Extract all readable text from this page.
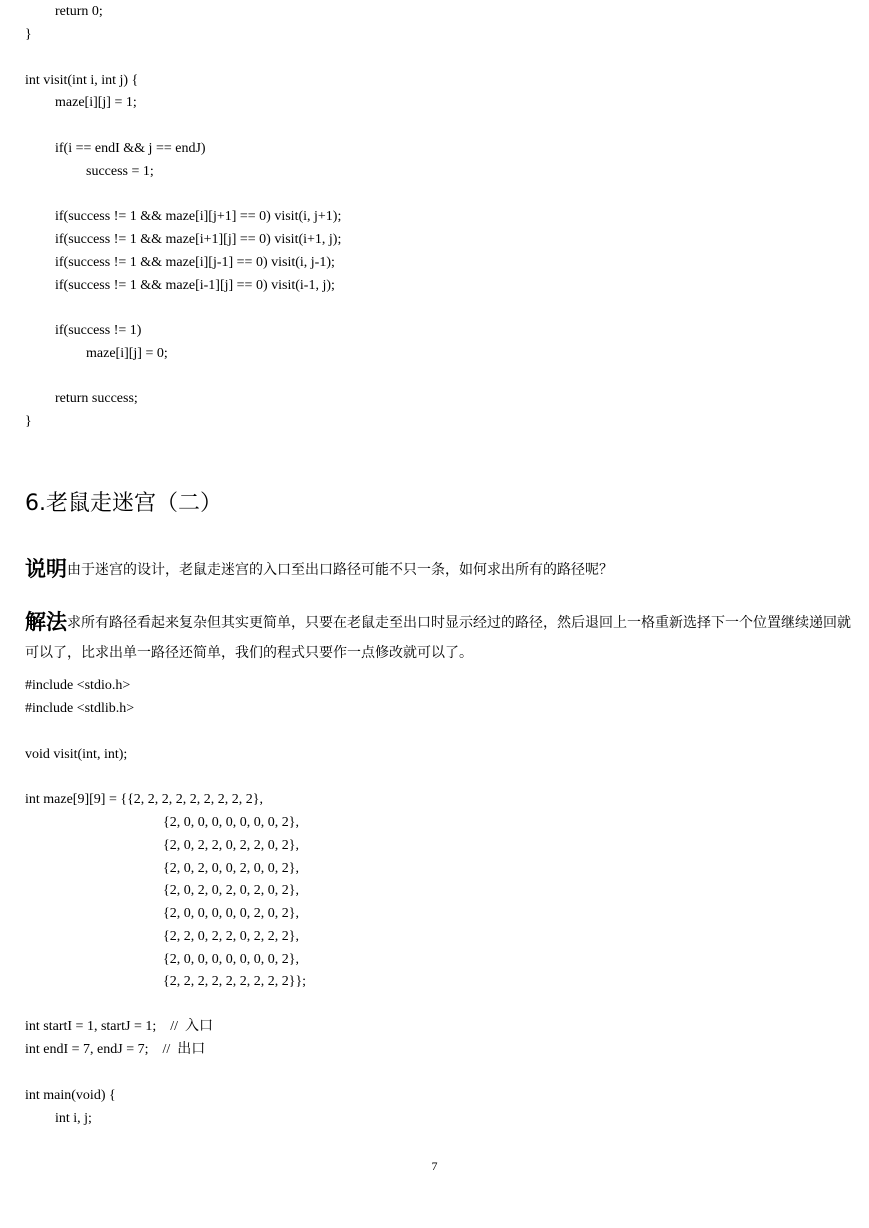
return 0;
}
int visit(int i, int j) {
maze[i][j] = 1;
if(i == endI && j == endJ)
success = 1;
if(success != 1 && maze[i][j+1] == 0) visit(i, j+1);
if(success != 1 && maze[i+1][j] == 0) visit(i+1, j);
if(success != 1 && maze[i][j-1] == 0) visit(i, j-1);
if(success != 1 && maze[i-1][j] == 0) visit(i-1, j);
if(success != 1)
maze[i][j] = 0;
return success;
}
6.老鼠走迷宫（二）
说明由于迷宫的设计，老鼠走迷宫的入口至出口路径可能不只一条，如何求出所有的路径呢？
解法求所有路径看起来复杂但其实更简单，只要在老鼠走至出口时显示经过的路径，然后退回上一格重新选择下一个位置继续递回就可以了，比求出单一路径还简单，我们的程式只要作一点修改就可以了。
#include <stdio.h>
#include <stdlib.h>
void visit(int, int);
int maze[9][9] = {{2, 2, 2, 2, 2, 2, 2, 2, 2},
{2, 0, 0, 0, 0, 0, 0, 0, 2},
{2, 0, 2, 2, 0, 2, 2, 0, 2},
{2, 0, 2, 0, 0, 2, 0, 0, 2},
{2, 0, 2, 0, 2, 0, 2, 0, 2},
{2, 0, 0, 0, 0, 0, 2, 0, 2},
{2, 2, 0, 2, 2, 0, 2, 2, 2},
{2, 0, 0, 0, 0, 0, 0, 0, 2},
{2, 2, 2, 2, 2, 2, 2, 2, 2}};
int startI = 1, startJ = 1;    //  入口
int endI = 7, endJ = 7;    //  出口
int main(void) {
int i, j;
7
